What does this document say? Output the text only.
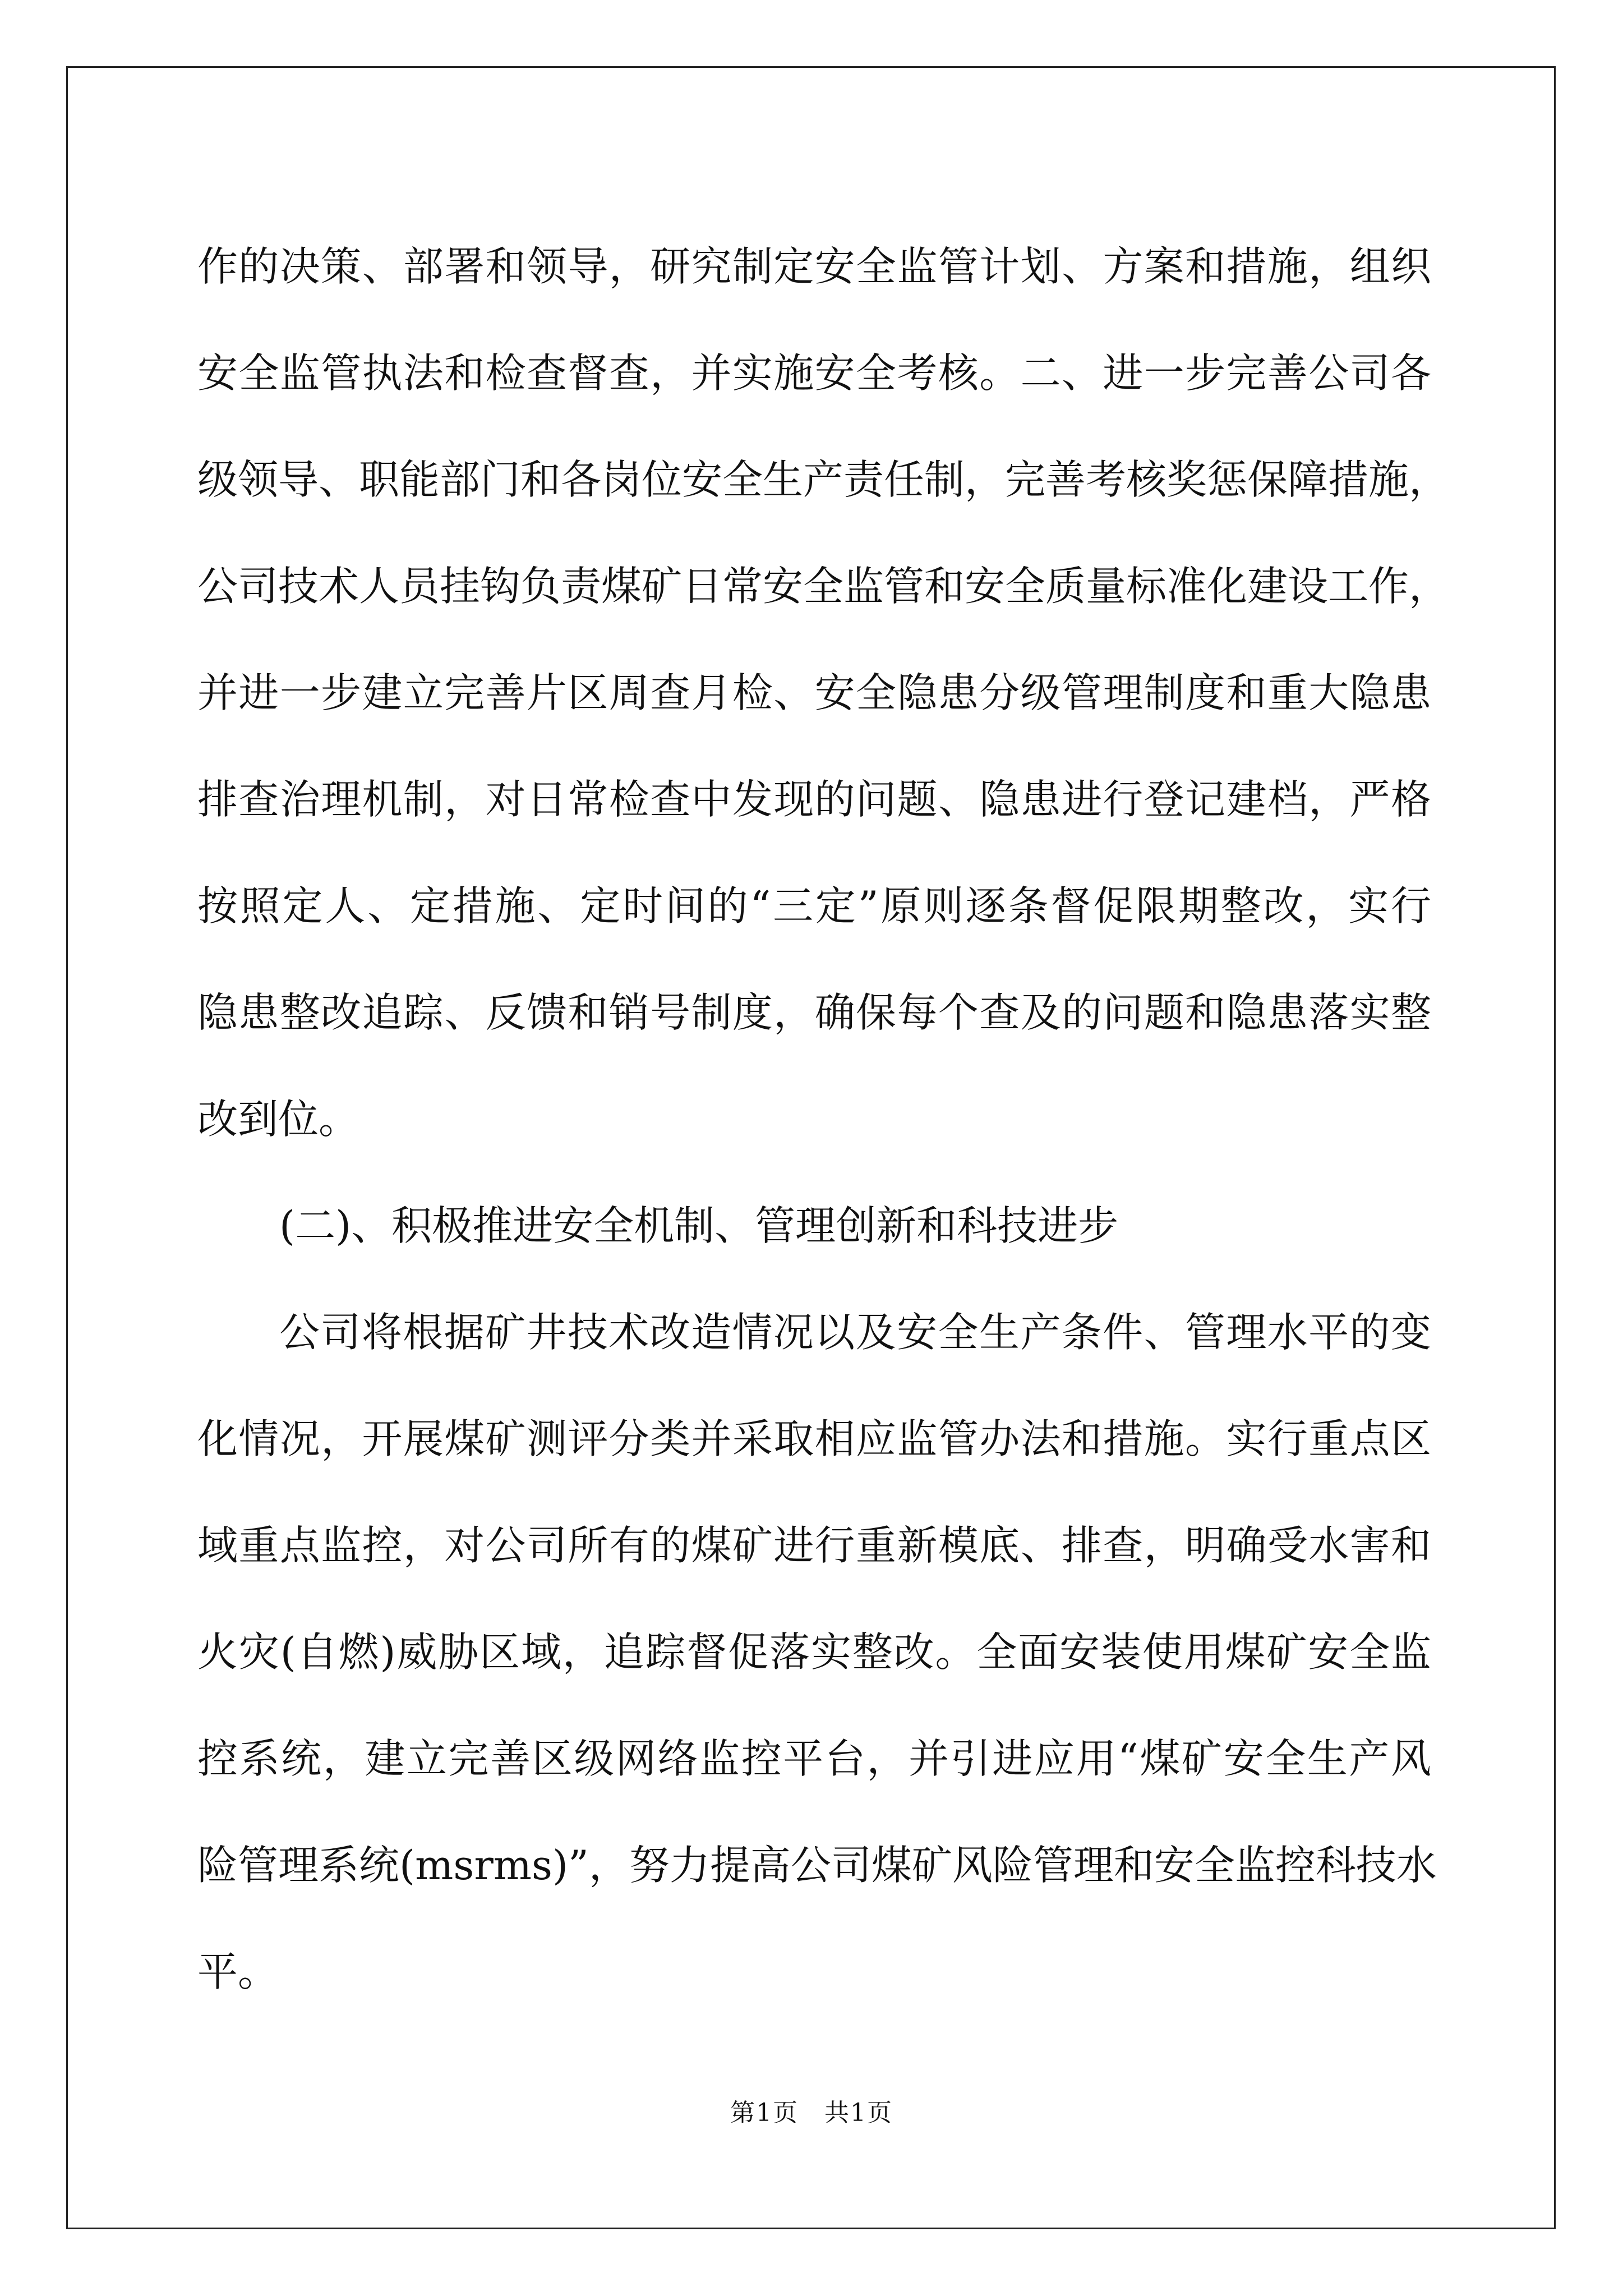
作的决策、部署和领导，研究制定安全监管计划、方案和措施，组织
安全监管执法和检查督查，并实施安全考核。二、进一步完善公司各
级领导、职能部门和各岗位安全生产责任制，完善考核奖惩保障措施，
公司技术人员挂钩负责煤矿日常安全监管和安全质量标准化建设工作，
并进一步建立完善片区周查月检、安全隐患分级管理制度和重大隐患
排查治理机制，对日常检查中发现的问题、隐患进行登记建档，严格
按照定人、定措施、定时间的“三定”原则逐条督促限期整改，实行
隐患整改追踪、反馈和销号制度，确保每个查及的问题和隐患落实整
改到位。
(二)、积极推进安全机制、管理创新和科技进步
公司将根据矿井技术改造情况以及安全生产条件、管理水平的变
化情况，开展煤矿测评分类并采取相应监管办法和措施。实行重点区
域重点监控，对公司所有的煤矿进行重新模底、排查，明确受水害和
火灾(自燃)威胁区域，追踪督促落实整改。全面安装使用煤矿安全监
控系统，建立完善区级网络监控平台，并引进应用“煤矿安全生产风
险管理系统(msrms)”，努力提高公司煤矿风险管理和安全监控科技水
平。
第1页　共1页
